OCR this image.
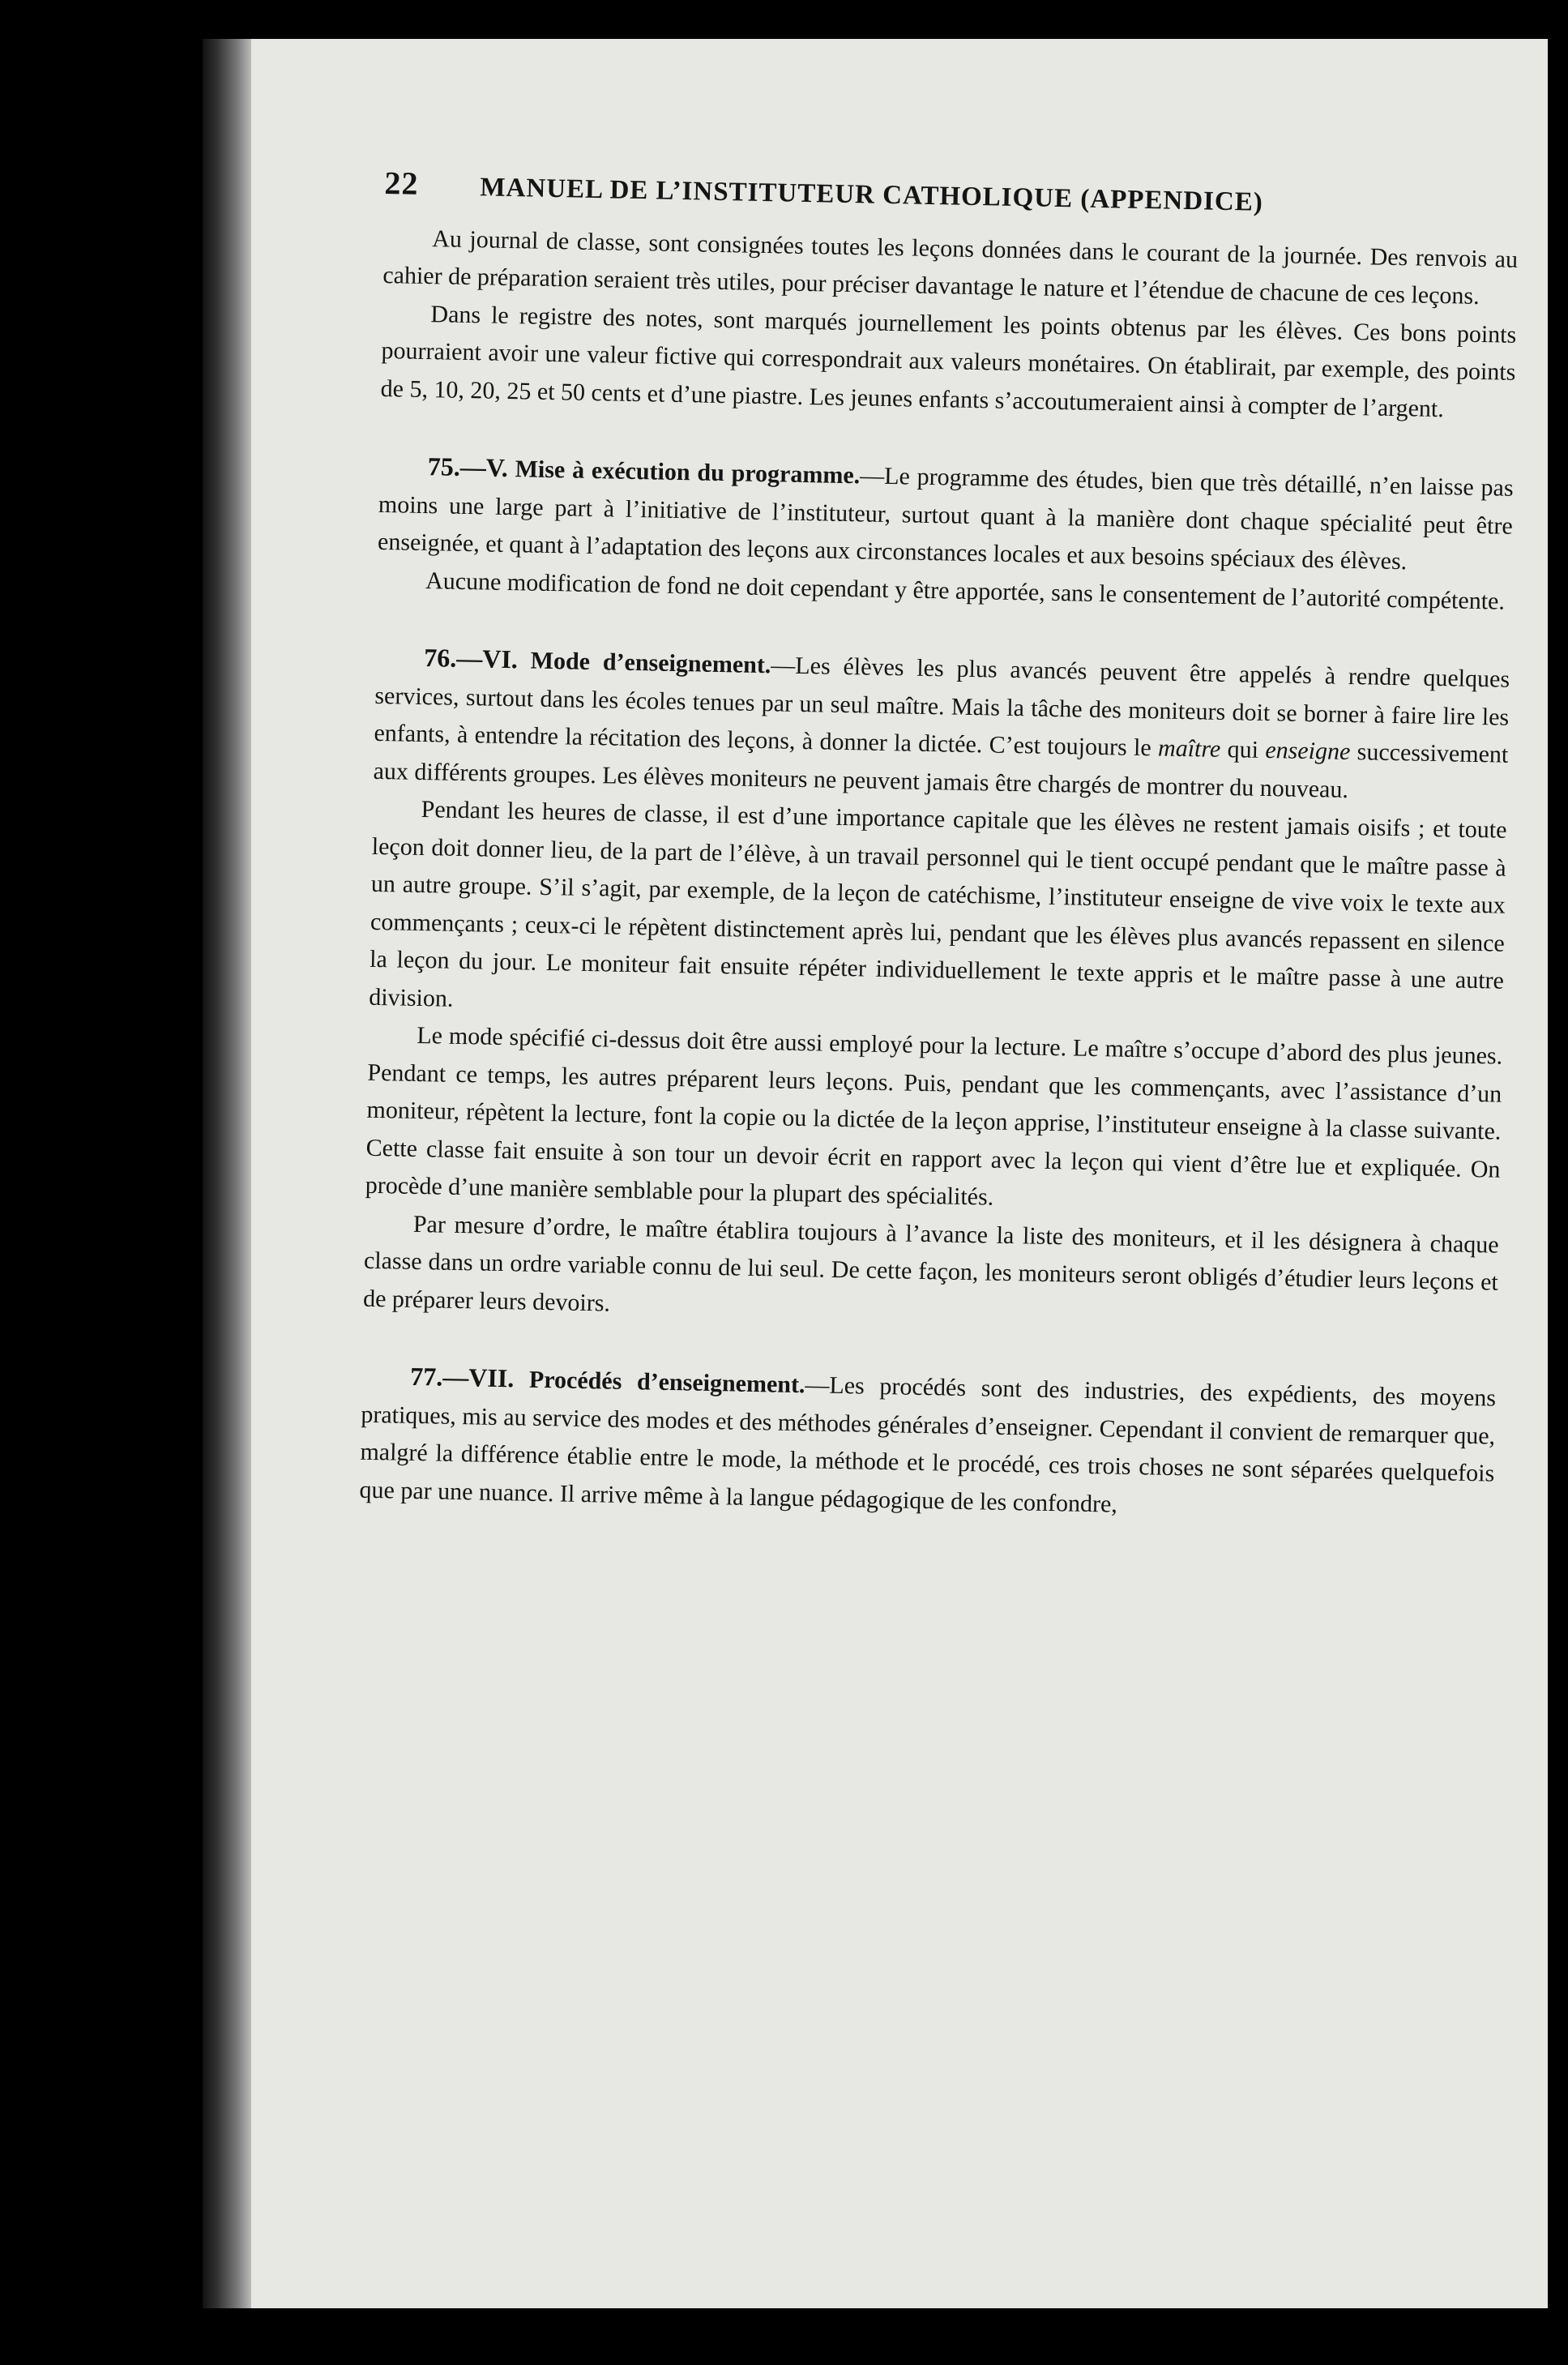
22	MANUEL DE L’INSTITUTEUR CATHOLIQUE (APPENDICE)

Au journal de classe, sont consignées toutes les leçons données dans le courant de la journée. Des renvois au cahier de préparation seraient très utiles, pour préciser davantage le nature et l’étendue de chacune de ces leçons.

Dans le registre des notes, sont marqués journellement les points obtenus par les élèves. Ces bons points pourraient avoir une valeur fictive qui correspondrait aux valeurs monétaires. On établirait, par exemple, des points de 5, 10, 20, 25 et 50 cents et d’une piastre. Les jeunes enfants s’accoutumeraient ainsi à compter de l’argent.

75.—V. Mise à exécution du programme.—Le programme des études, bien que très détaillé, n’en laisse pas moins une large part à l’initiative de l’instituteur, surtout quant à la manière dont chaque spécialité peut être enseignée, et quant à l’adaptation des leçons aux circonstances locales et aux besoins spéciaux des élèves.

Aucune modification de fond ne doit cependant y être apportée, sans le consentement de l’autorité compétente.

76.—VI. Mode d’enseignement.—Les élèves les plus avancés peuvent être appelés à rendre quelques services, surtout dans les écoles tenues par un seul maître. Mais la tâche des moniteurs doit se borner à faire lire les enfants, à entendre la récitation des leçons, à donner la dictée. C’est toujours le maître qui enseigne successivement aux différents groupes. Les élèves moniteurs ne peuvent jamais être chargés de montrer du nouveau.

Pendant les heures de classe, il est d’une importance capitale que les élèves ne restent jamais oisifs ; et toute leçon doit donner lieu, de la part de l’élève, à un travail personnel qui le tient occupé pendant que le maître passe à un autre groupe. S’il s’agit, par exemple, de la leçon de catéchisme, l’instituteur enseigne de vive voix le texte aux commençants ; ceux-ci le répètent distinctement après lui, pendant que les élèves plus avancés repassent en silence la leçon du jour. Le moniteur fait ensuite répéter individuellement le texte appris et le maître passe à une autre division.

Le mode spécifié ci-dessus doit être aussi employé pour la lecture. Le maître s’occupe d’abord des plus jeunes. Pendant ce temps, les autres préparent leurs leçons. Puis, pendant que les commençants, avec l’assistance d’un moniteur, répètent la lecture, font la copie ou la dictée de la leçon apprise, l’instituteur enseigne à la classe suivante. Cette classe fait ensuite à son tour un devoir écrit en rapport avec la leçon qui vient d’être lue et expliquée. On procède d’une manière semblable pour la plupart des spécialités.

Par mesure d’ordre, le maître établira toujours à l’avance la liste des moniteurs, et il les désignera à chaque classe dans un ordre variable connu de lui seul. De cette façon, les moniteurs seront obligés d’étudier leurs leçons et de préparer leurs devoirs.

77.—VII. Procédés d’enseignement.—Les procédés sont des industries, des expédients, des moyens pratiques, mis au service des modes et des méthodes générales d’enseigner. Cependant il convient de remarquer que, malgré la différence établie entre le mode, la méthode et le procédé, ces trois choses ne sont séparées quelquefois que par une nuance. Il arrive même à la langue pédagogique de les confondre,
